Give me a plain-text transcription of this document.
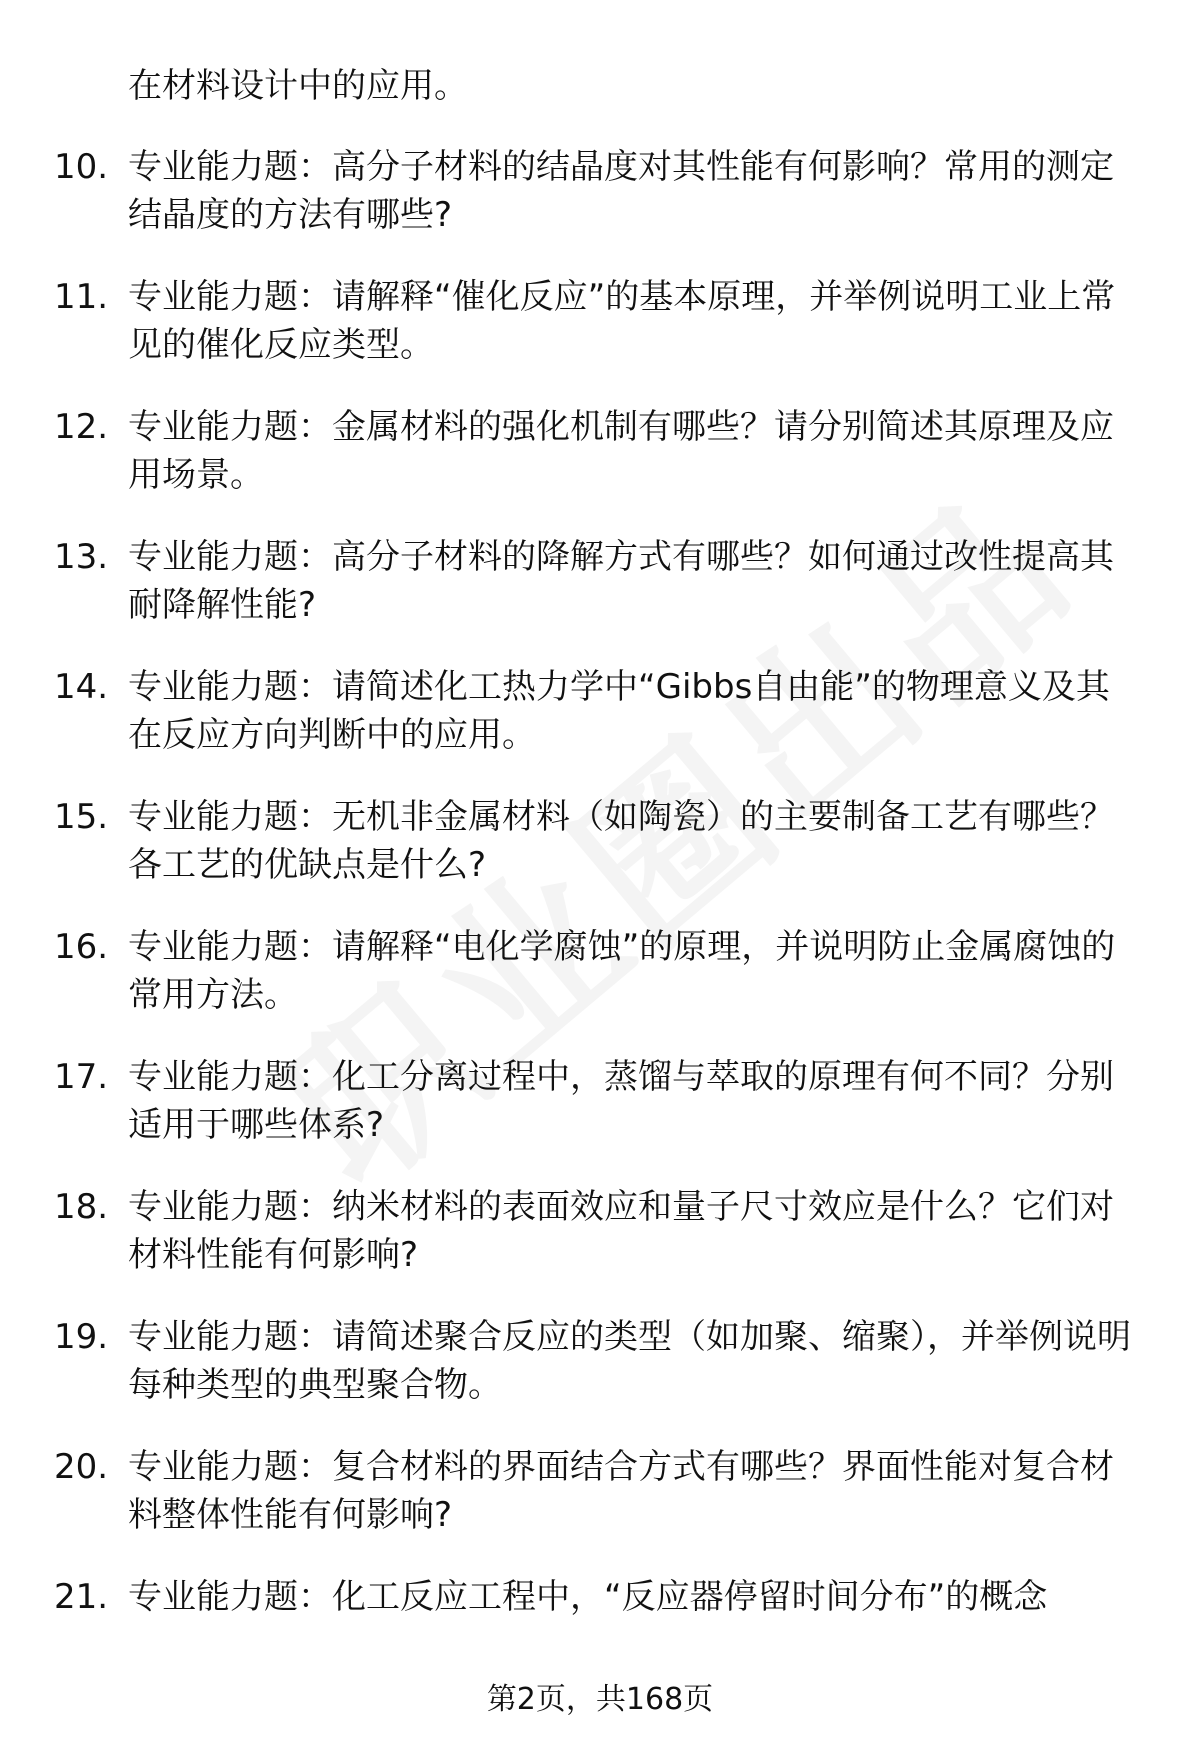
在材料设计中的应用。
10. 专业能力题：高分子材料的结晶度对其性能有何影响？常用的测定结晶度的方法有哪些?
11. 专业能力题：请解释“催化反应”的基本原理，并举例说明工业上常见的催化反应类型。
12. 专业能力题：金属材料的强化机制有哪些？请分别简述其原理及应用场景。
13. 专业能力题：高分子材料的降解方式有哪些？如何通过改性提高其耐降解性能?
14. 专业能力题：请简述化工热力学中“Gibbs自由能”的物理意义及其在反应方向判断中的应用。
15. 专业能力题：无机非金属材料（如陶瓷）的主要制备工艺有哪些？各工艺的优缺点是什么?
16. 专业能力题：请解释“电化学腐蚀”的原理，并说明防止金属腐蚀的常用方法。
17. 专业能力题：化工分离过程中，蒸馏与萃取的原理有何不同？分别适用于哪些体系?
18. 专业能力题：纳米材料的表面效应和量子尺寸效应是什么？它们对材料性能有何影响?
19. 专业能力题：请简述聚合反应的类型（如加聚、缩聚），并举例说明每种类型的典型聚合物。
20. 专业能力题：复合材料的界面结合方式有哪些？界面性能对复合材料整体性能有何影响?
21. 专业能力题：化工反应工程中，“反应器停留时间分布”的概念
第2页，共168页
